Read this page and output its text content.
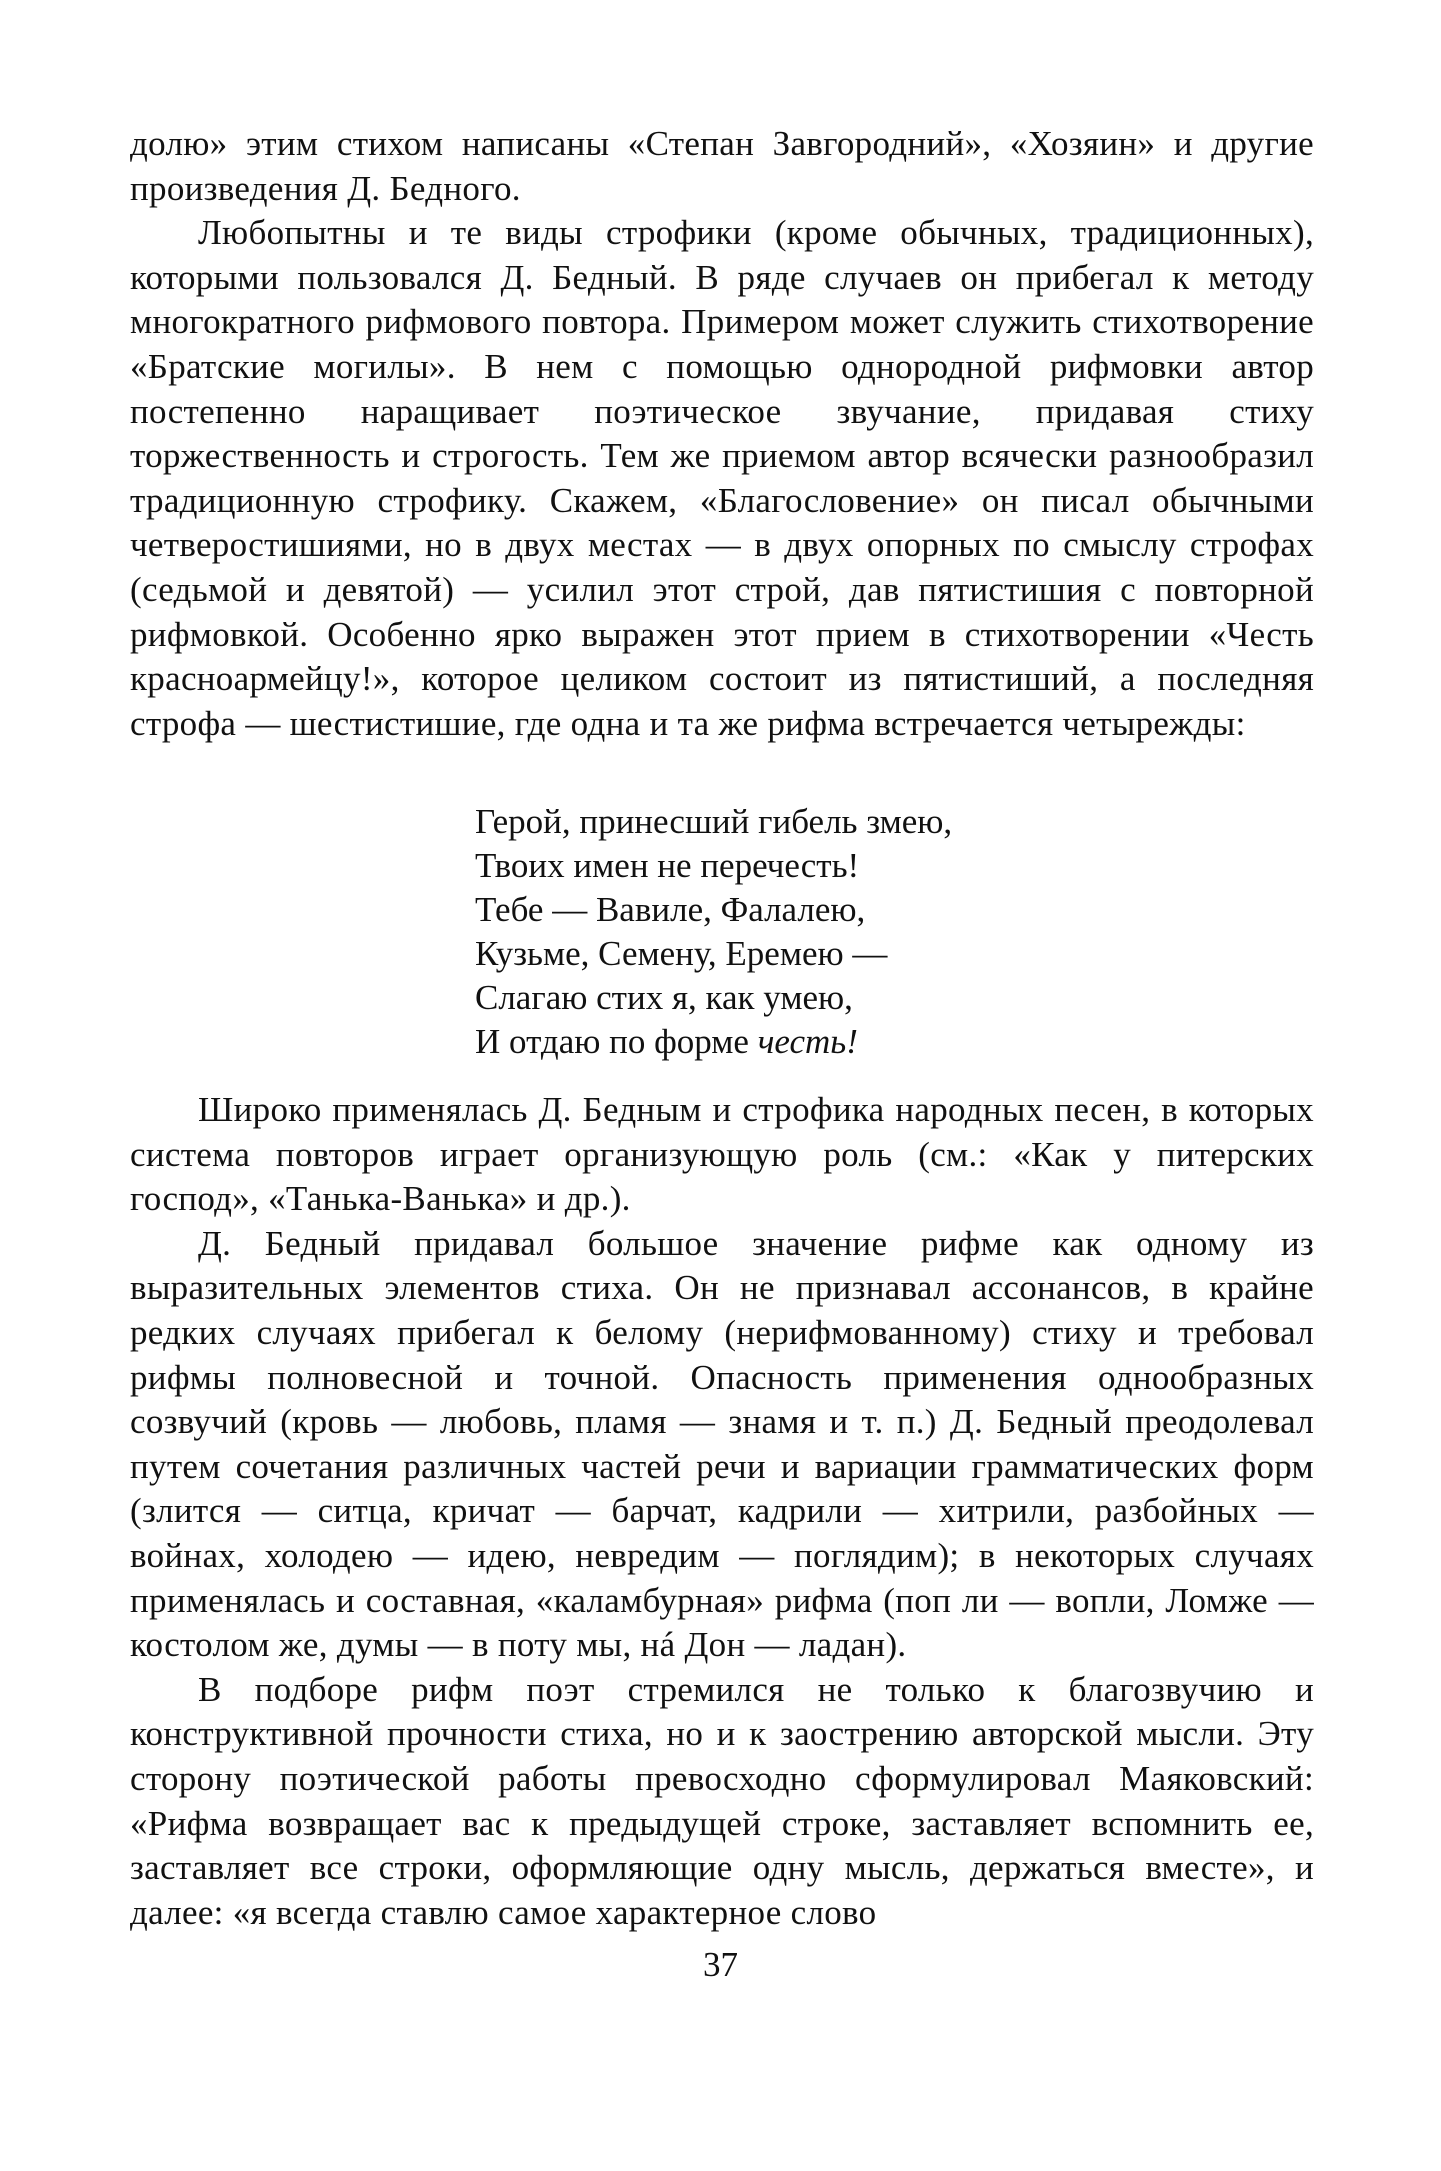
долю» этим стихом написаны «Степан Завгородний», «Хозяин» и другие произведения Д. Бедного.

Любопытны и те виды строфики (кроме обычных, традиционных), которыми пользовался Д. Бедный. В ряде случаев он прибегал к методу многократного рифмового повтора. Примером может служить стихотворение «Братские могилы». В нем с помощью однородной рифмовки автор постепенно наращивает поэтическое звучание, придавая стиху торжественность и строгость. Тем же приемом автор всячески разнообразил традиционную строфику. Скажем, «Благословение» он писал обычными четверостишиями, но в двух местах — в двух опорных по смыслу строфах (седьмой и девятой) — усилил этот строй, дав пятистишия с повторной рифмовкой. Особенно ярко выражен этот прием в стихотворении «Честь красноармейцу!», которое целиком состоит из пятистиший, а последняя строфа — шестистишие, где одна и та же рифма встречается четырежды:

Герой, принесший гибель змею,
Твоих имен не перечесть!
Тебе — Вавиле, Фалалею,
Кузьме, Семену, Еремею —
Слагаю стих я, как умею,
И отдаю по форме честь!

Широко применялась Д. Бедным и строфика народных песен, в которых система повторов играет организующую роль (см.: «Как у питерских господ», «Танька-Ванька» и др.).

Д. Бедный придавал большое значение рифме как одному из выразительных элементов стиха. Он не признавал ассонансов, в крайне редких случаях прибегал к белому (нерифмованному) стиху и требовал рифмы полновесной и точной. Опасность применения однообразных созвучий (кровь — любовь, пламя — знамя и т. п.) Д. Бедный преодолевал путем сочетания различных частей речи и вариации грамматических форм (злится — ситца, кричат — барчат, кадрили — хитрили, разбойных — войнах, холодею — идею, невредим — поглядим); в некоторых случаях применялась и составная, «каламбурная» рифма (поп ли — вопли, Ломже — костолом же, думы — в поту мы, нá Дон — ладан).

В подборе рифм поэт стремился не только к благозвучию и конструктивной прочности стиха, но и к заострению авторской мысли. Эту сторону поэтической работы превосходно сформулировал Маяковский: «Рифма возвращает вас к предыдущей строке, заставляет вспомнить ее, заставляет все строки, оформляющие одну мысль, держаться вместе», и далее: «я всегда ставлю самое характерное слово

37
